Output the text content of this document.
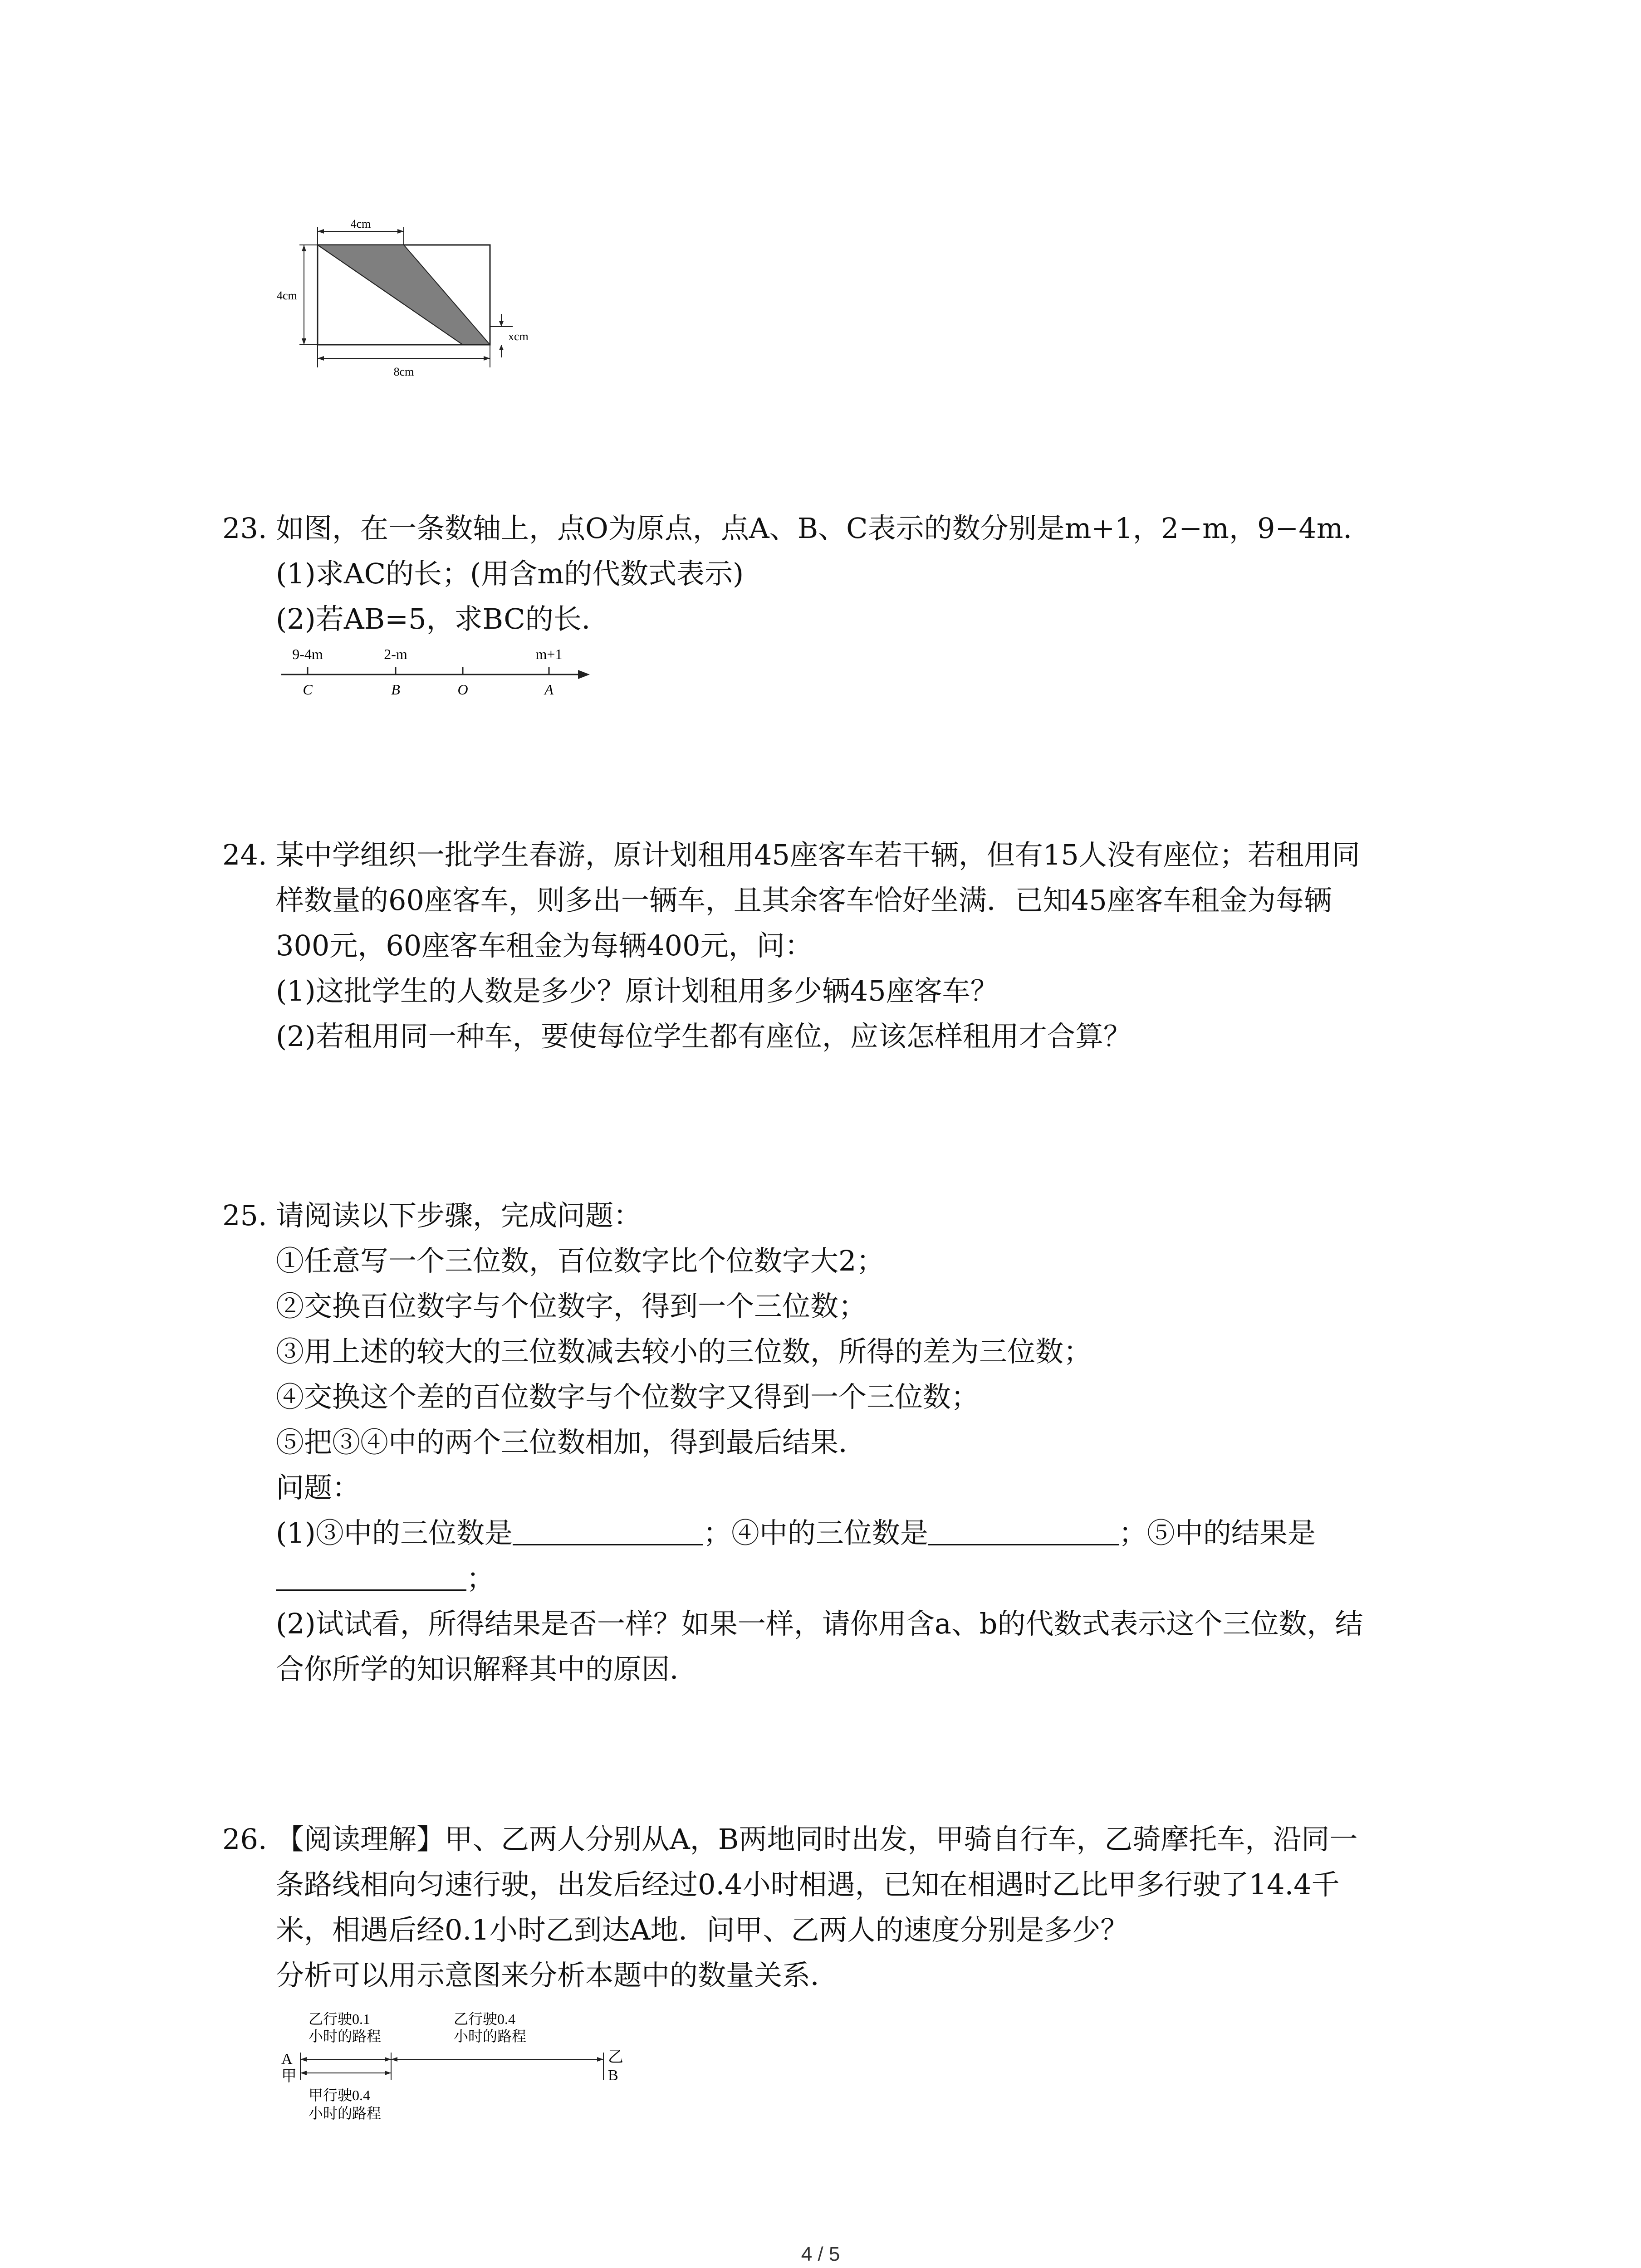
4cm
4cm
8cm
xcm
23. 如图，在一条数轴上，点O为原点，点A、B、C表示的数分别是m+1，2−m，9−4m．
(1)求AC的长；(用含m的代数式表示)
(2)若AB=5，求BC的长．
9-4m	2-m	m+1
C	B	O	A
24. 某中学组织一批学生春游，原计划租用45座客车若干辆，但有15人没有座位；若租用同
样数量的60座客车，则多出一辆车，且其余客车恰好坐满．已知45座客车租金为每辆
300元，60座客车租金为每辆400元，问：
(1)这批学生的人数是多少？原计划租用多少辆45座客车？
(2)若租用同一种车，要使每位学生都有座位，应该怎样租用才合算？
25. 请阅读以下步骤，完成问题：
①任意写一个三位数，百位数字比个位数字大2；
②交换百位数字与个位数字，得到一个三位数；
③用上述的较大的三位数减去较小的三位数，所得的差为三位数；
④交换这个差的百位数字与个位数字又得到一个三位数；
⑤把③④中的两个三位数相加，得到最后结果．
问题：
(1)③中的三位数是	；④中的三位数是	；⑤中的结果是
；
(2)试试看，所得结果是否一样？如果一样，请你用含a、b的代数式表示这个三位数，结
合你所学的知识解释其中的原因．
26. 【阅读理解】甲、乙两人分别从A，B两地同时出发，甲骑自行车，乙骑摩托车，沿同一
条路线相向匀速行驶，出发后经过0.4小时相遇，已知在相遇时乙比甲多行驶了14.4千
米，相遇后经0.1小时乙到达A地．问甲、乙两人的速度分别是多少？
分析可以用示意图来分析本题中的数量关系．
乙行驶0.1
小时的路程
乙行驶0.4
小时的路程
A
甲
乙
B
甲行驶0.4
小时的路程
4 / 5
